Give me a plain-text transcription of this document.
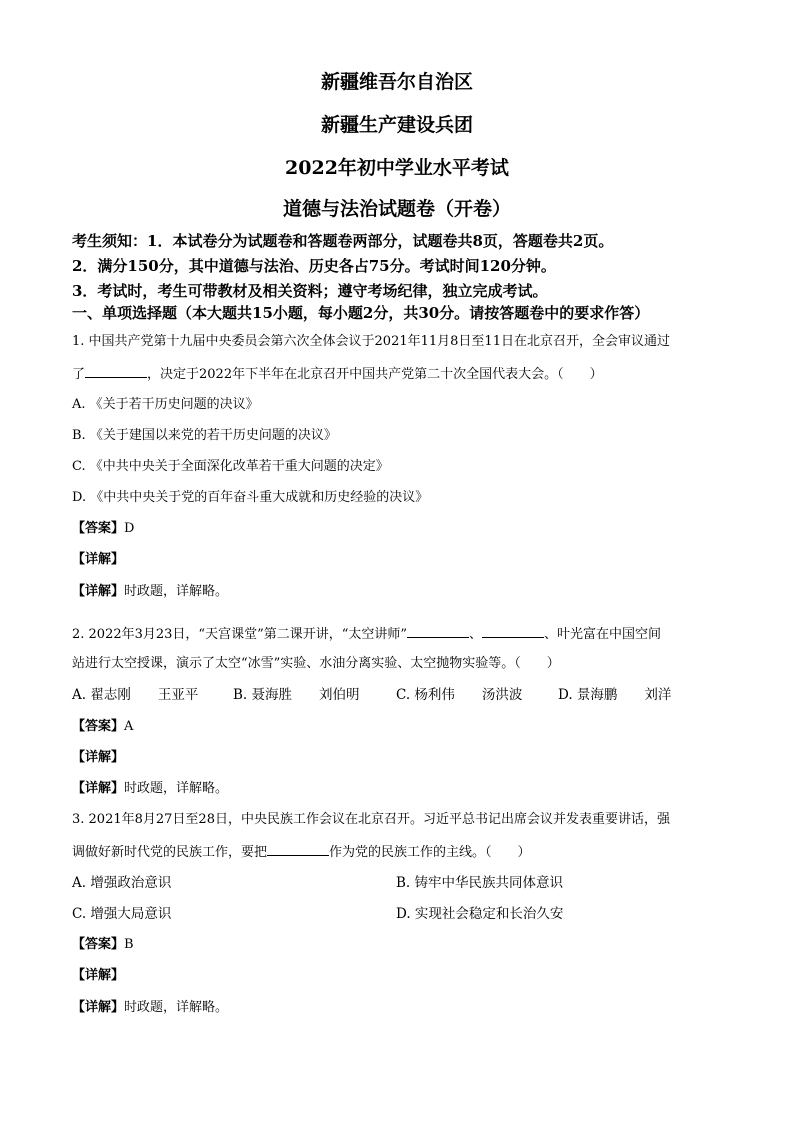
新疆维吾尔自治区
新疆生产建设兵团
2022年初中学业水平考试
道德与法治试题卷（开卷）
考生须知：1．本试卷分为试题卷和答题卷两部分，试题卷共8页，答题卷共2页。
2．满分150分，其中道德与法治、历史各占75分。考试时间120分钟。
3．考试时，考生可带教材及相关资料；遵守考场纪律，独立完成考试。
一、单项选择题（本大题共15小题，每小题2分，共30分。请按答题卷中的要求作答）
1. 中国共产党第十九届中央委员会第六次全体会议于2021年11月8日至11日在北京召开，全会审议通过
了	，决定于2022年下半年在北京召开中国共产党第二十次全国代表大会。（　　）
A. 《关于若干历史问题的决议》
B. 《关于建国以来党的若干历史问题的决议》
C. 《中共中央关于全面深化改革若干重大问题的决定》
D. 《中共中央关于党的百年奋斗重大成就和历史经验的决议》
【答案】D
【详解】
【详解】时政题，详解略。
2. 2022年3月23日，“天宫课堂”第二课开讲，“太空讲师”	、	、叶光富在中国空间
站进行太空授课，演示了太空“冰雪”实验、水油分离实验、太空抛物实验等。（　　）
A. 翟志刚　　王亚平	B. 聂海胜　　刘伯明	C. 杨利伟　　汤洪波	D. 景海鹏　　刘洋
【答案】A
【详解】
【详解】时政题，详解略。
3. 2021年8月27日至28日，中央民族工作会议在北京召开。习近平总书记出席会议并发表重要讲话，强
调做好新时代党的民族工作，要把	作为党的民族工作的主线。（　　）
A. 增强政治意识	B. 铸牢中华民族共同体意识
C. 增强大局意识	D. 实现社会稳定和长治久安
【答案】B
【详解】
【详解】时政题，详解略。
